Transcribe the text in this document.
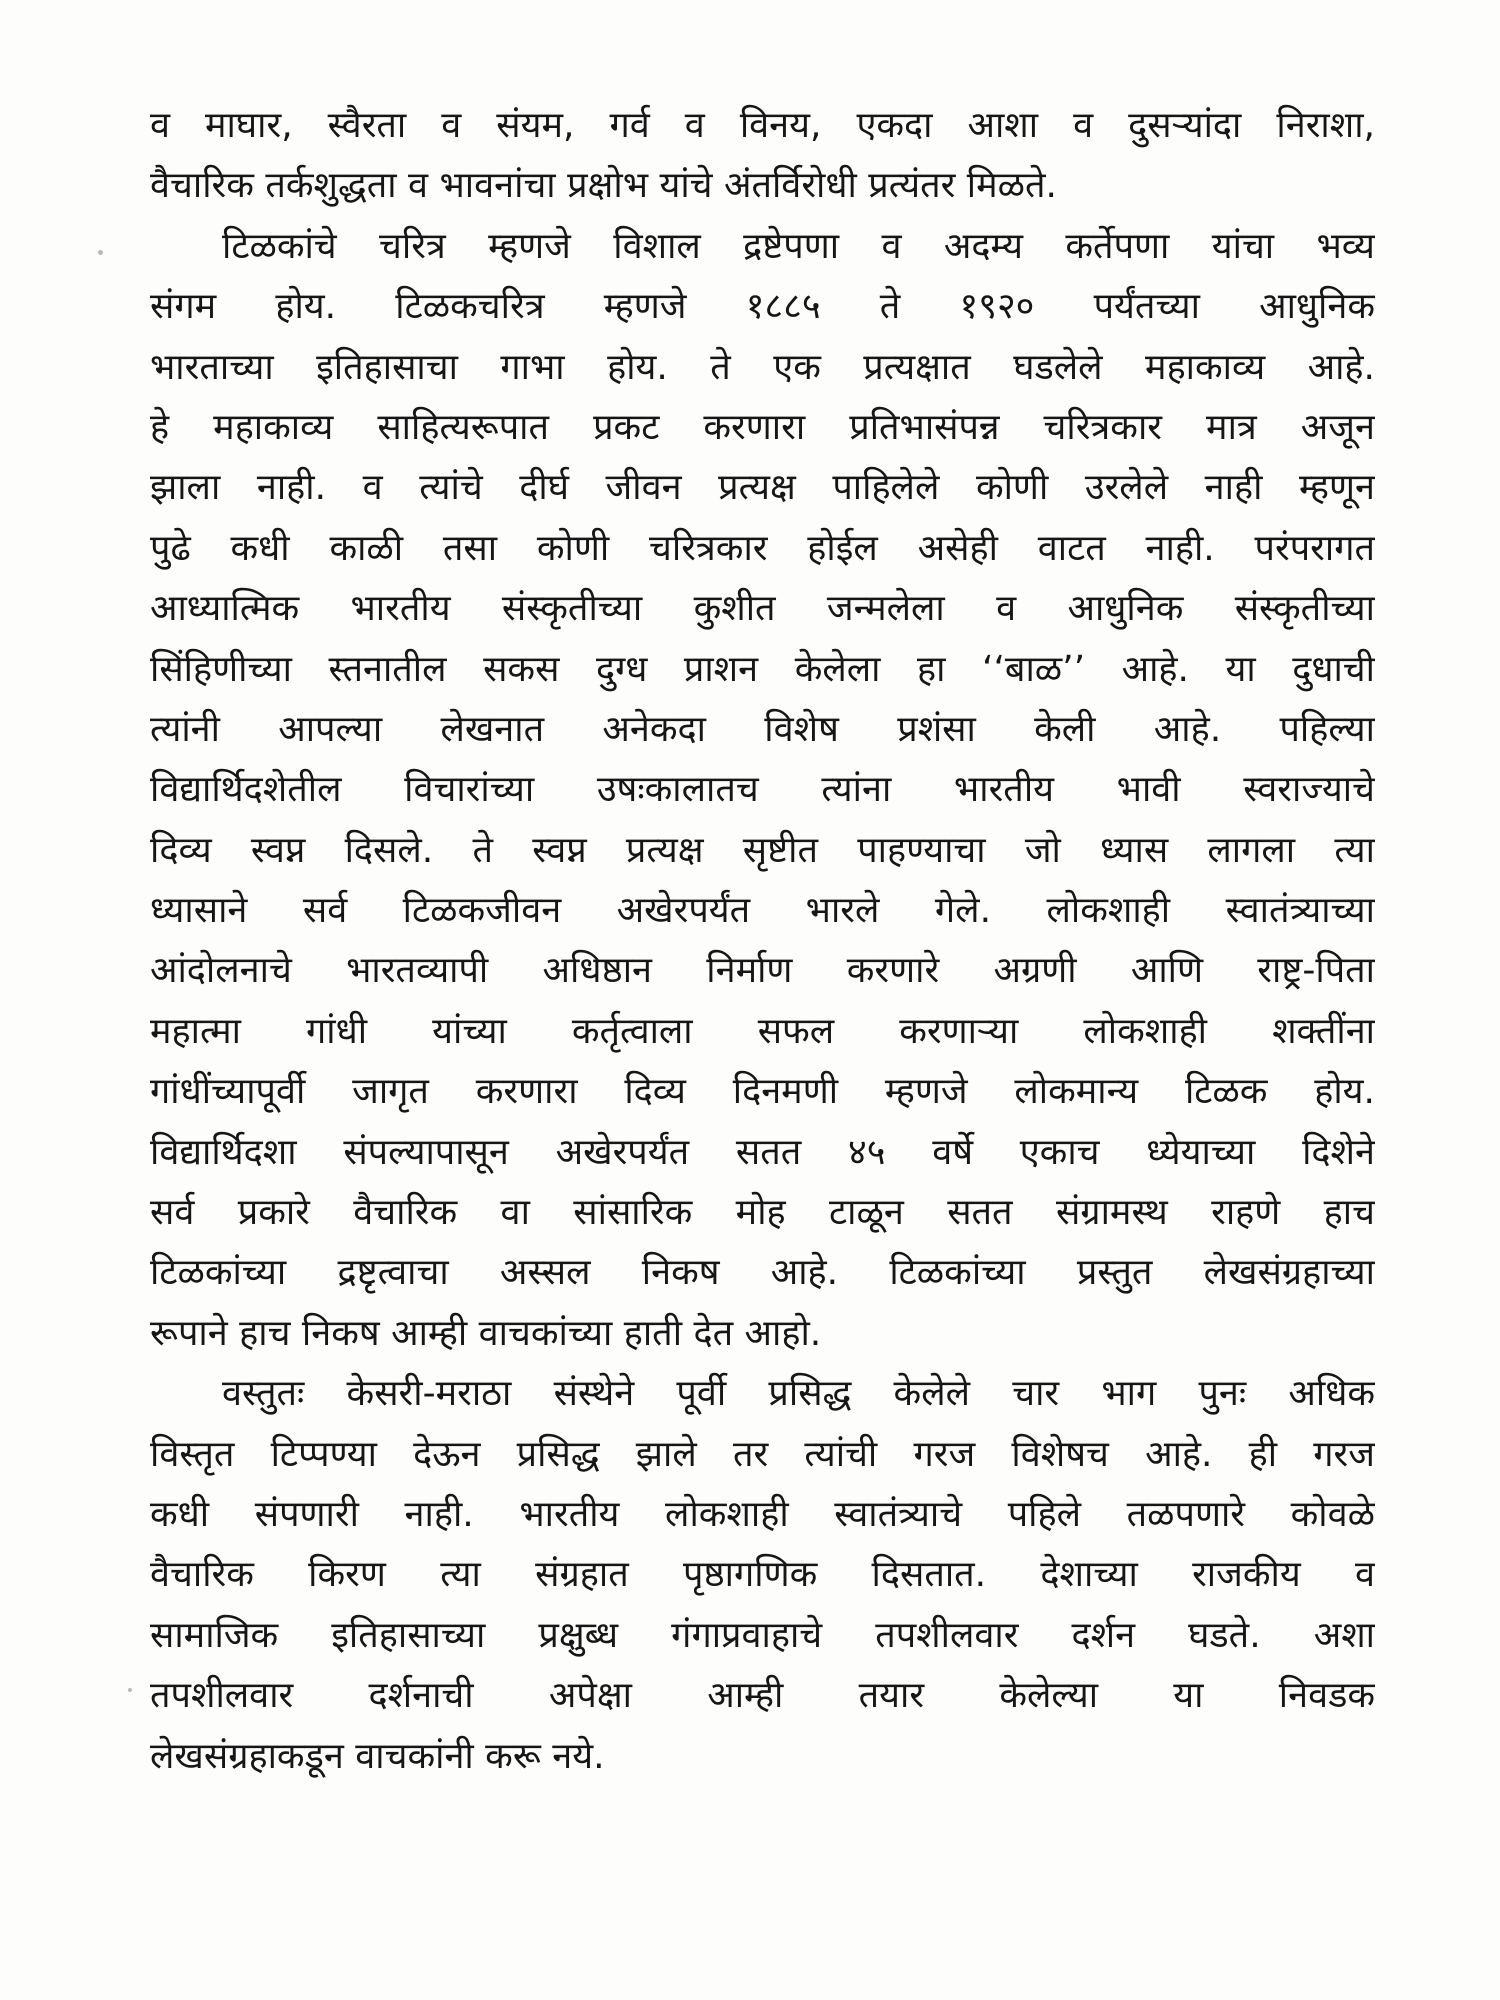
व माघार, स्वैरता व संयम, गर्व व विनय, एकदा आशा व दुसऱ्यांदा निराशा,
वैचारिक तर्कशुद्धता व भावनांचा प्रक्षोभ यांचे अंतर्विरोधी प्रत्यंतर मिळते.
टिळकांचे चरित्र म्हणजे विशाल द्रष्टेपणा व अदम्य कर्तेपणा यांचा भव्य
संगम होय. टिळकचरित्र म्हणजे १८८५ ते १९२० पर्यंतच्या आधुनिक
भारताच्या इतिहासाचा गाभा होय. ते एक प्रत्यक्षात घडलेले महाकाव्य आहे.
हे महाकाव्य साहित्यरूपात प्रकट करणारा प्रतिभासंपन्न चरित्रकार मात्र अजून
झाला नाही. व त्यांचे दीर्घ जीवन प्रत्यक्ष पाहिलेले कोणी उरलेले नाही म्हणून
पुढे कधी काळी तसा कोणी चरित्रकार होईल असेही वाटत नाही. परंपरागत
आध्यात्मिक भारतीय संस्कृतीच्या कुशीत जन्मलेला व आधुनिक संस्कृतीच्या
सिंहिणीच्या स्तनातील सकस दुग्ध प्राशन केलेला हा ‘‘बाळ’’ आहे. या दुधाची
त्यांनी आपल्या लेखनात अनेकदा विशेष प्रशंसा केली आहे. पहिल्या
विद्यार्थिदशेतील विचारांच्या उषःकालातच त्यांना भारतीय भावी स्वराज्याचे
दिव्य स्वप्न दिसले. ते स्वप्न प्रत्यक्ष सृष्टीत पाहण्याचा जो ध्यास लागला त्या
ध्यासाने सर्व टिळकजीवन अखेरपर्यंत भारले गेले. लोकशाही स्वातंत्र्याच्या
आंदोलनाचे भारतव्यापी अधिष्ठान निर्माण करणारे अग्रणी आणि राष्ट्र-पिता
महात्मा गांधी यांच्या कर्तृत्वाला सफल करणाऱ्या लोकशाही शक्तींना
गांधींच्यापूर्वी जागृत करणारा दिव्य दिनमणी म्हणजे लोकमान्य टिळक होय.
विद्यार्थिदशा संपल्यापासून अखेरपर्यंत सतत ४५ वर्षे एकाच ध्येयाच्या दिशेने
सर्व प्रकारे वैचारिक वा सांसारिक मोह टाळून सतत संग्रामस्थ राहणे हाच
टिळकांच्या द्रष्टृत्वाचा अस्सल निकष आहे. टिळकांच्या प्रस्तुत लेखसंग्रहाच्या
रूपाने हाच निकष आम्ही वाचकांच्या हाती देत आहो.
वस्तुतः केसरी-मराठा संस्थेने पूर्वी प्रसिद्ध केलेले चार भाग पुनः अधिक
विस्तृत टिप्पण्या देऊन प्रसिद्ध झाले तर त्यांची गरज विशेषच आहे. ही गरज
कधी संपणारी नाही. भारतीय लोकशाही स्वातंत्र्याचे पहिले तळपणारे कोवळे
वैचारिक किरण त्या संग्रहात पृष्ठागणिक दिसतात. देशाच्या राजकीय व
सामाजिक इतिहासाच्या प्रक्षुब्ध गंगाप्रवाहाचे तपशीलवार दर्शन घडते. अशा
तपशीलवार दर्शनाची अपेक्षा आम्ही तयार केलेल्या या निवडक
लेखसंग्रहाकडून वाचकांनी करू नये.
